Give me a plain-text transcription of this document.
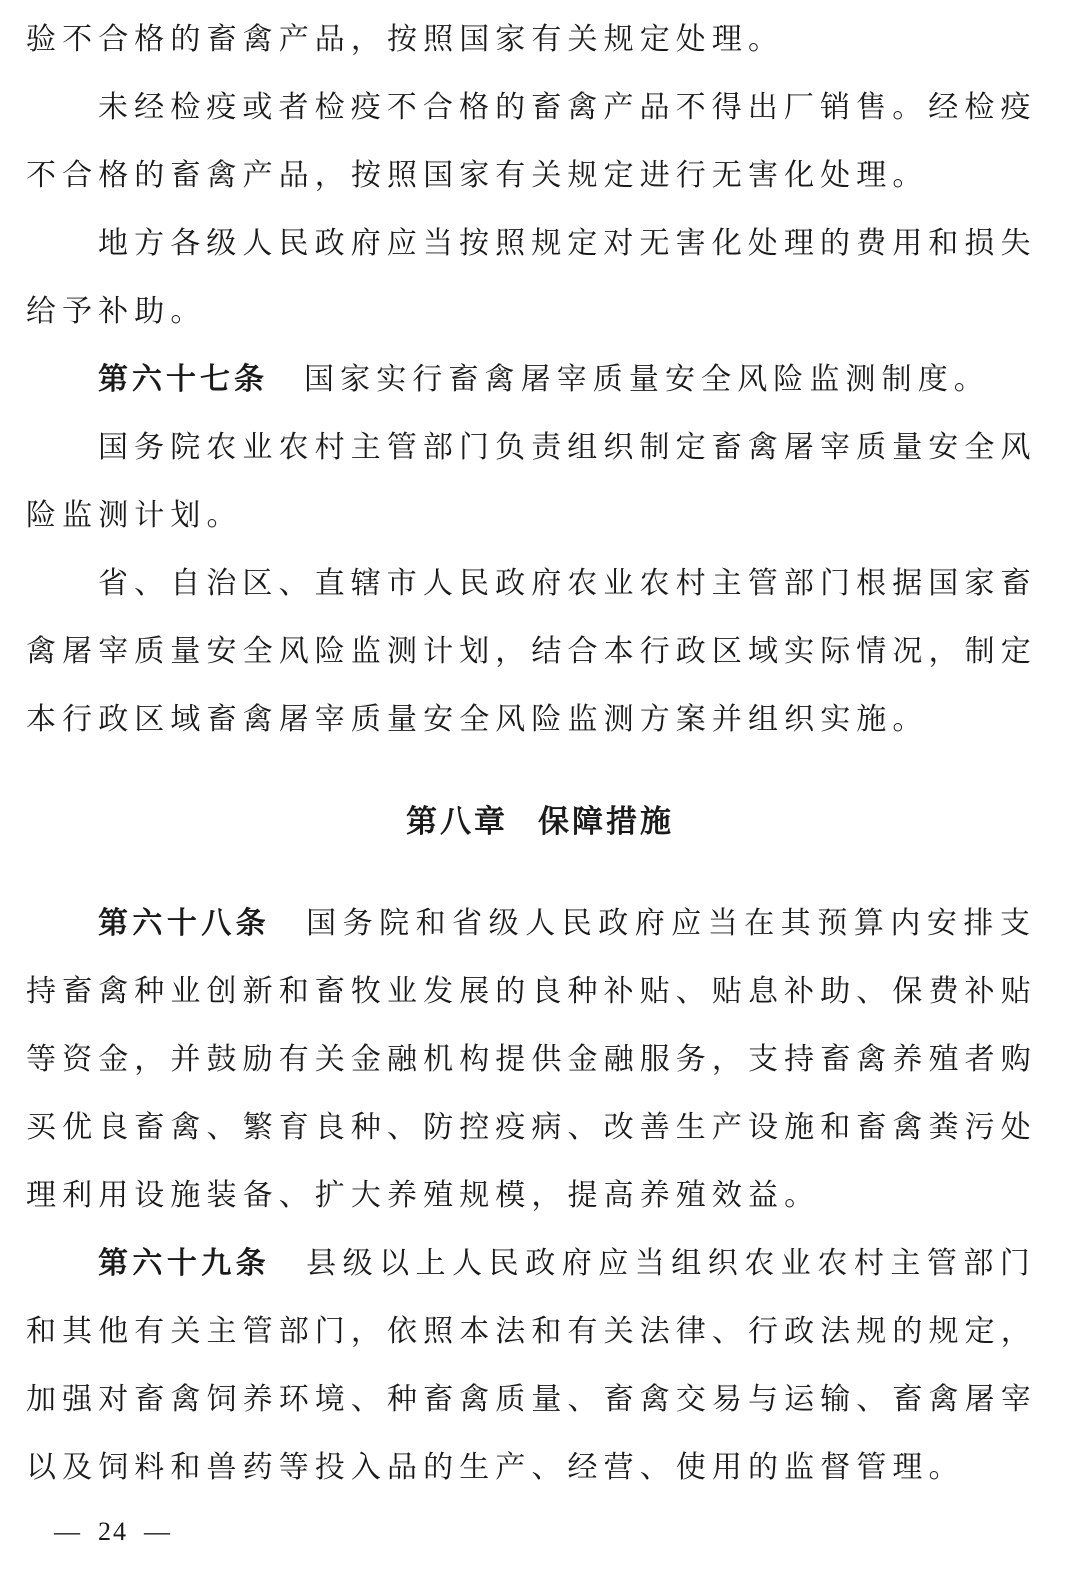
验不合格的畜禽产品，按照国家有关规定处理。
未经检疫或者检疫不合格的畜禽产品不得出厂销售。经检疫
不合格的畜禽产品，按照国家有关规定进行无害化处理。
地方各级人民政府应当按照规定对无害化处理的费用和损失
给予补助。
第六十七条 国家实行畜禽屠宰质量安全风险监测制度。
国务院农业农村主管部门负责组织制定畜禽屠宰质量安全风
险监测计划。
省、自治区、直辖市人民政府农业农村主管部门根据国家畜
禽屠宰质量安全风险监测计划，结合本行政区域实际情况，制定
本行政区域畜禽屠宰质量安全风险监测方案并组织实施。
第八章 保障措施
第六十八条 国务院和省级人民政府应当在其预算内安排支
持畜禽种业创新和畜牧业发展的良种补贴、贴息补助、保费补贴
等资金，并鼓励有关金融机构提供金融服务，支持畜禽养殖者购
买优良畜禽、繁育良种、防控疫病、改善生产设施和畜禽粪污处
理利用设施装备、扩大养殖规模，提高养殖效益。
第六十九条 县级以上人民政府应当组织农业农村主管部门
和其他有关主管部门，依照本法和有关法律、行政法规的规定，
加强对畜禽饲养环境、种畜禽质量、畜禽交易与运输、畜禽屠宰
以及饲料和兽药等投入品的生产、经营、使用的监督管理。
— 24 —
